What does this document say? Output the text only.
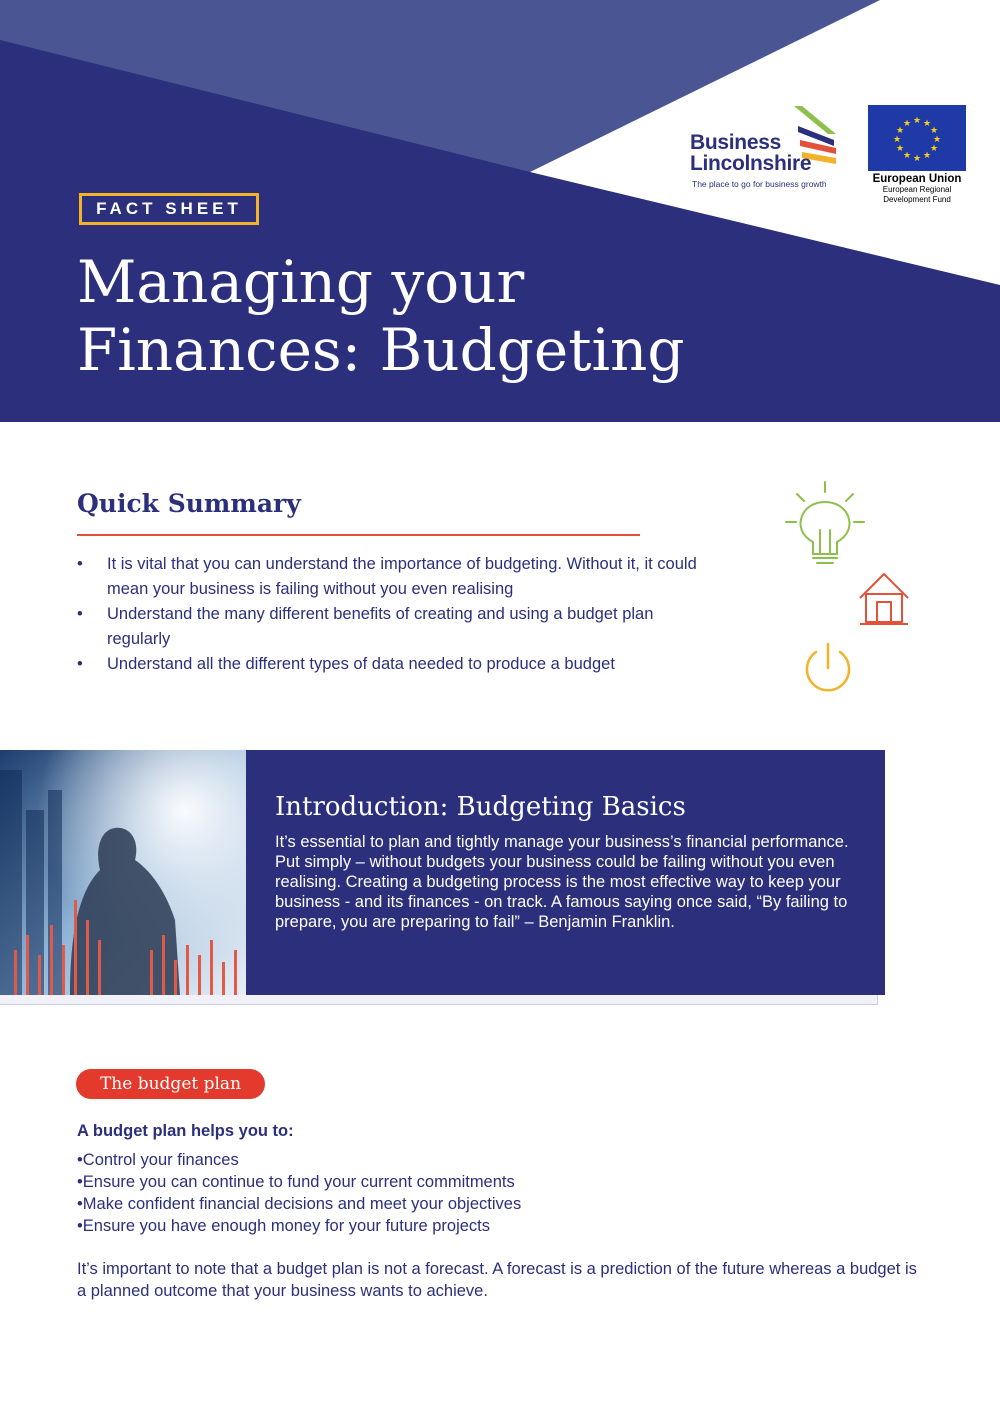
Business
Lincolnshire
The place to go for business growth
★ ★
★
★
★
★
★
★
★
★
★
★
European Union
European Regional
Development Fund
FACT SHEET
Managing your
Finances: Budgeting
Quick Summary
• It is vital that you can understand the importance of budgeting. Without it, it could mean your business is failing without you even realising
• Understand the many different benefits of creating and using a budget plan regularly
• Understand all the different types of data needed to produce a budget
Introduction: Budgeting Basics

It’s essential to plan and tightly manage your business’s financial performance. Put simply – without budgets your business could be failing without you even realising. Creating a budgeting process is the most effective way to keep your business - and its finances - on track. A famous saying once said, “By failing to prepare, you are preparing to fail” – Benjamin Franklin.

The budget plan
A budget plan helps you to:
• Control your finances
• Ensure you can continue to fund your current commitments
• Make confident financial decisions and meet your objectives
• Ensure you have enough money for your future projects

It’s important to note that a budget plan is not a forecast. A forecast is a prediction of the future whereas a budget is a planned outcome that your business wants to achieve.
